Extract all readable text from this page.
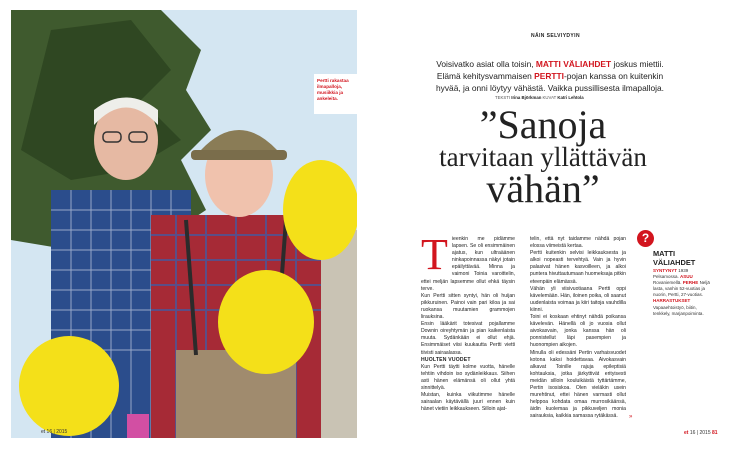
Pertti rakastaa ilmapalloja, musiikkia ja ankeleita.

et 16 | 2015
NÄIN SELVIYDYIN
Voisivatko asiat olla toisin, MATTI VÄLIAHDET joskus miettii. Elämä kehitysvammaisen PERTTI-pojan kanssa on kuitenkin hyvää, ja onni löytyy vähästä. Vaikka pussillisesta ilmapalloja.
TEKSTI Irina Björkman KUVAT Katri Lehtola
”Sanoja
tarvitaan yllättävän
vähän”
T ieenkin me pidämme lapsen. Se oli ensimmäinen ajatus, kun ultraäänen ninkapoinnassa näkyi jotain epäilyttävää. Minna ja vaimoni Toinia varoittelin, ettei meljän lapsemme ollut ehkä täysin terve.

Kun Pertti sitten syntyi, hän oli huijan pikkuruinen. Painoi vain pari kiloa ja sai ruokansa muutamien grammojen lirauksina.

Ensin lääkärit totesivat pojallamme Downin oireyhtymän ja pian kaikenlaista muuta. Sydänkään ei ollut ehjä. Ensimmäiset viisi kuukautta Pertti vietti tiivisti sairaalassa.

HUOLTEN VUODET

Kun Pertti täytti kolme vuotta, hänelle tehtiin vihdoin iso sydänleikkaus. Siihen asti hänen elämänsä oli ollut yhtä sinnittelyä.

Muistan, kuinka viikutimme hänelle sairaalan käytävällä juuri ennen kuin hänet vietiin leikkaukseen. Silloin ajat-

telin, että nyt taidamme nähdä pojan elossa viimeistä kertaa.

Pertti kuitenkin selvisi leikkauksesta ja alkoi nopeasti tervehtyä. Vain ja hyvin palasivat hänen kasvoilleen, ja alkoi puntera hivuttautumaan huomeksaja pitkin eteenpäin elämässä.

Vähän yli viisivuotiaana Pertti oppi kävelemään. Hän, iloinen poika, oli saanut uudenlaista voimaa ja kiiri taitoja vauhdilla kiinni.

Toini ei koskaan ehtinyt nähdä poikansa kävelevän. Hänellä oli jo vuosia ollut aivokasvain, jonka kanssa hän oli ponnistellut läpi pasempien ja huonompien aikojen.

Minulla oli edessäni Pertin varhaisvuodet kotona kaksi hoidettavaa. Aivokasvain alkavat Toinille rajuja epileptisiä kohtauksia, jotka järkyttivät erityisesti meidän silloin kouluikäistä tyttärtämme, Pertin isosiskoa. Olen vieläkin usein murehtinut, ettei hänen varmasti ollut helppoa kohdata omaa murrosikäänsä, äidin kuolemaa ja pikkuveljen monia sairauksia, kaikkia samassa rytäkässä.	»
?
MATTI
VÄLIAHDET
SYNTYNYT 1939 Pelsamossa. ASUU Rovaniemellä. PERHE Neljä lasta, vanhin 52-vuotias ja nuorin, Pertti, 27-vuotias. HARRASTUKSET Vapaaehtoistyö, biitin, tenkkely, marjanpoiminta.
et 16 | 2015 81
